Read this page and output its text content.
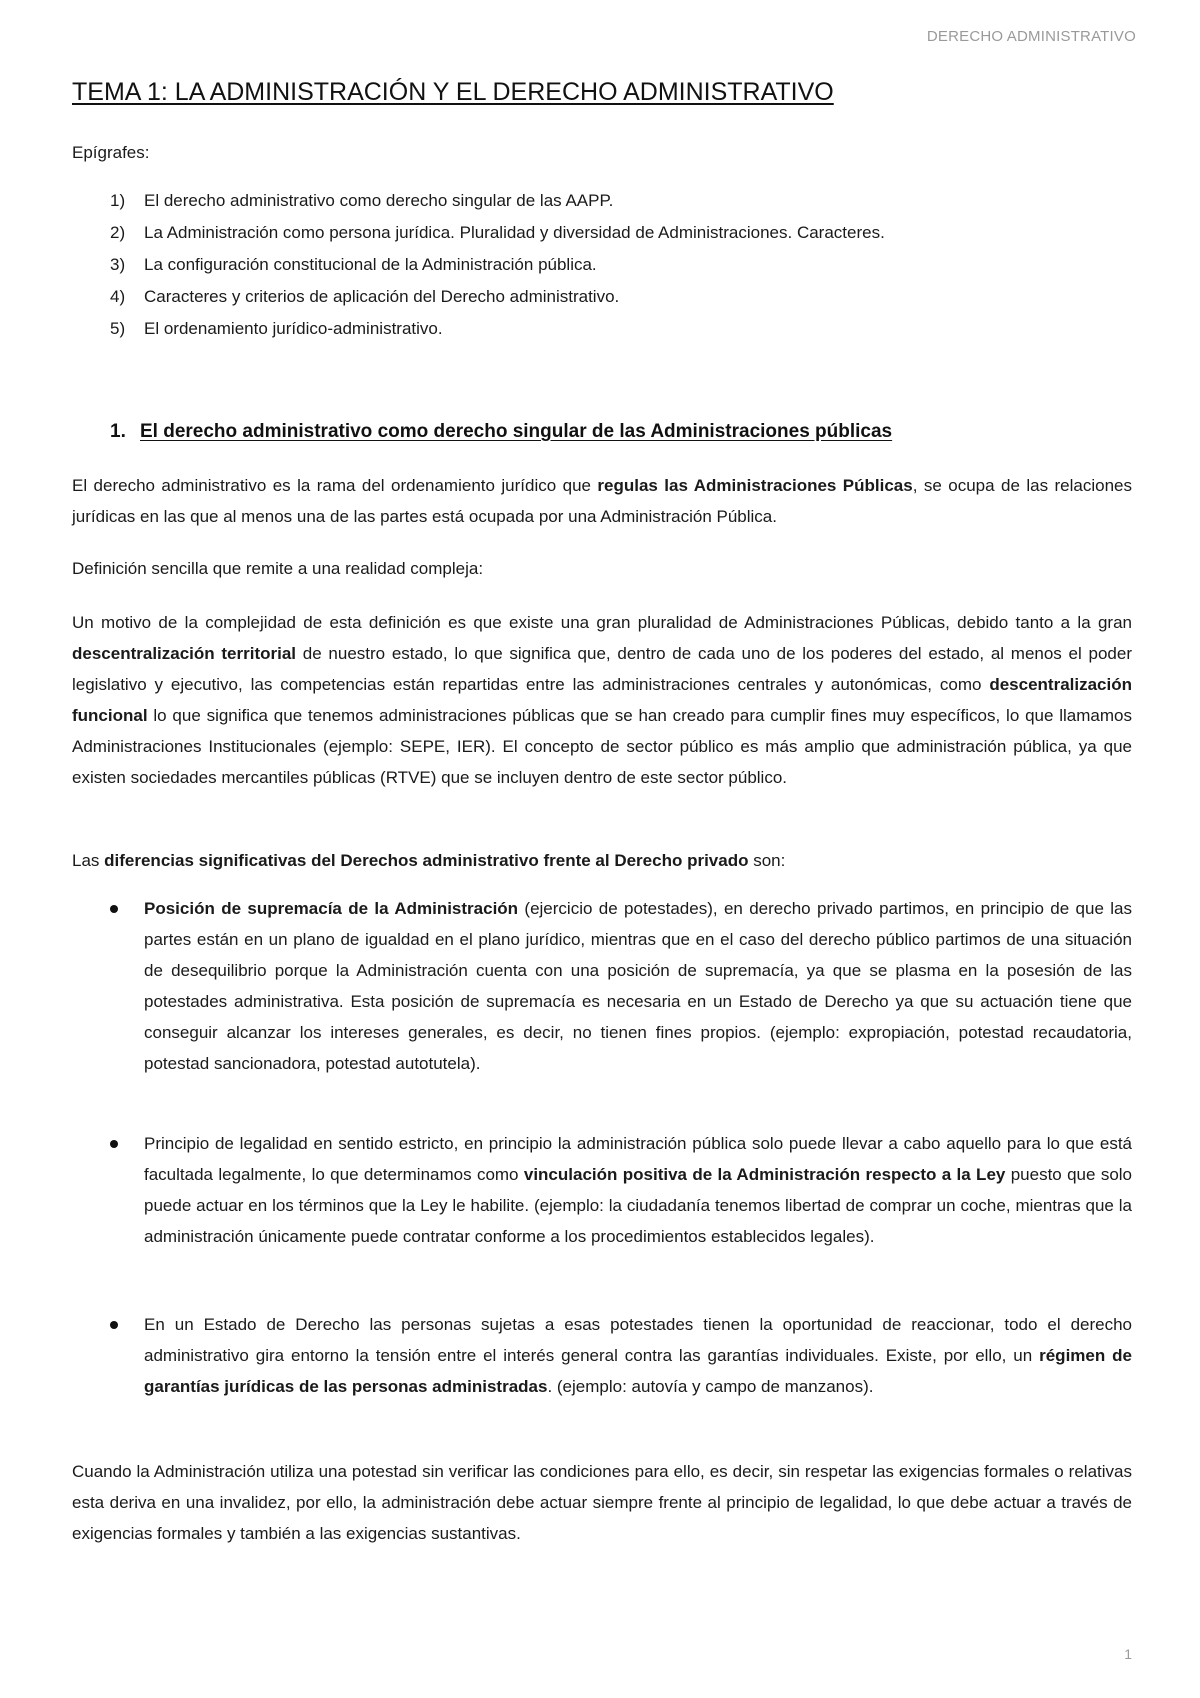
DERECHO ADMINISTRATIVO
TEMA 1: LA ADMINISTRACIÓN Y EL DERECHO ADMINISTRATIVO

Epígrafes:

1)	El derecho administrativo como derecho singular de las AAPP.
2)	La Administración como persona jurídica. Pluralidad y diversidad de Administraciones. Caracteres.
3)	La configuración constitucional de la Administración pública.
4)	Caracteres y criterios de aplicación del Derecho administrativo.
5)	El ordenamiento jurídico-administrativo.
1. El derecho administrativo como derecho singular de las Administraciones públicas

El derecho administrativo es la rama del ordenamiento jurídico que regulas las Administraciones Públicas, se ocupa de las relaciones jurídicas en las que al menos una de las partes está ocupada por una Administración Pública.

Definición sencilla que remite a una realidad compleja:

Un motivo de la complejidad de esta definición es que existe una gran pluralidad de Administraciones Públicas, debido tanto a la gran descentralización territorial de nuestro estado, lo que significa que, dentro de cada uno de los poderes del estado, al menos el poder legislativo y ejecutivo, las competencias están repartidas entre las administraciones centrales y autonómicas, como descentralización funcional lo que significa que tenemos administraciones públicas que se han creado para cumplir fines muy específicos, lo que llamamos Administraciones Institucionales (ejemplo: SEPE, IER). El concepto de sector público es más amplio que administración pública, ya que existen sociedades mercantiles públicas (RTVE) que se incluyen dentro de este sector público.

Las diferencias significativas del Derechos administrativo frente al Derecho privado son:

Posición de supremacía de la Administración (ejercicio de potestades), en derecho privado partimos, en principio de que las partes están en un plano de igualdad en el plano jurídico, mientras que en el caso del derecho público partimos de una situación de desequilibrio porque la Administración cuenta con una posición de supremacía, ya que se plasma en la posesión de las potestades administrativa. Esta posición de supremacía es necesaria en un Estado de Derecho ya que su actuación tiene que conseguir alcanzar los intereses generales, es decir, no tienen fines propios. (ejemplo: expropiación, potestad recaudatoria, potestad sancionadora, potestad autotutela).
Principio de legalidad en sentido estricto, en principio la administración pública solo puede llevar a cabo aquello para lo que está facultada legalmente, lo que determinamos como vinculación positiva de la Administración respecto a la Ley puesto que solo puede actuar en los términos que la Ley le habilite. (ejemplo: la ciudadanía tenemos libertad de comprar un coche, mientras que la administración únicamente puede contratar conforme a los procedimientos establecidos legales).
En un Estado de Derecho las personas sujetas a esas potestades tienen la oportunidad de reaccionar, todo el derecho administrativo gira entorno la tensión entre el interés general contra las garantías individuales. Existe, por ello, un régimen de garantías jurídicas de las personas administradas. (ejemplo: autovía y campo de manzanos).

Cuando la Administración utiliza una potestad sin verificar las condiciones para ello, es decir, sin respetar las exigencias formales o relativas esta deriva en una invalidez, por ello, la administración debe actuar siempre frente al principio de legalidad, lo que debe actuar a través de exigencias formales y también a las exigencias sustantivas.

1
